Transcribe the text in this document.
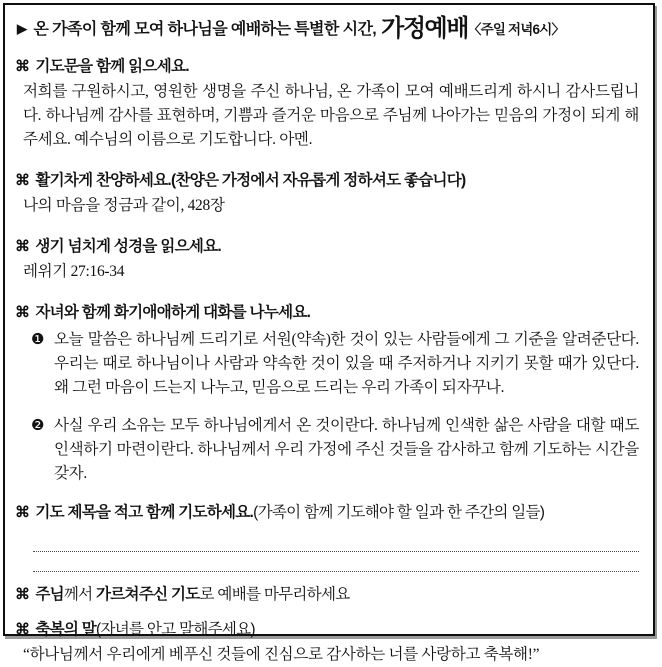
▶ 온 가족이 함께 모여 하나님을 예배하는 특별한 시간, 가정예배〈주일 저녁6시〉
⌘ 기도문을 함께 읽으세요.

저희를 구원하시고, 영원한 생명을 주신 하나님, 온 가족이 모여 예배드리게 하시니 감사드립니다. 하나님께 감사를 표현하며, 기쁨과 즐거운 마음으로 주님께 나아가는 믿음의 가정이 되게 해주세요. 예수님의 이름으로 기도합니다. 아멘.

⌘ 활기차게 찬양하세요.(찬양은 가정에서 자유롭게 정하셔도 좋습니다)

나의 마음을 정금과 같이, 428장

⌘ 생기 넘치게 성경을 읽으세요.

레위기 27:16-34

⌘ 자녀와 함께 화기애애하게 대화를 나누세요.
❶ 오늘 말씀은 하나님께 드리기로 서원(약속)한 것이 있는 사람들에게 그 기준을 알려준단다. 우리는 때로 하나님이나 사람과 약속한 것이 있을 때 주저하거나 지키기 못할 때가 있단다. 왜 그런 마음이 드는지 나누고, 믿음으로 드리는 우리 가족이 되자꾸나.

❷ 사실 우리 소유는 모두 하나님에게서 온 것이란다. 하나님께 인색한 삶은 사람을 대할 때도 인색하기 마련이란다. 하나님께서 우리 가정에 주신 것들을 감사하고 함께 기도하는 시간을 갖자.

⌘ 기도 제목을 적고 함께 기도하세요.(가족이 함께 기도해야 할 일과 한 주간의 일들)
⌘ 주님께서 가르쳐주신 기도로 예배를 마무리하세요
⌘ 축복의 말(자녀를 안고 말해주세요)

“하나님께서 우리에게 베푸신 것들에 진심으로 감사하는 너를 사랑하고 축복해!”
